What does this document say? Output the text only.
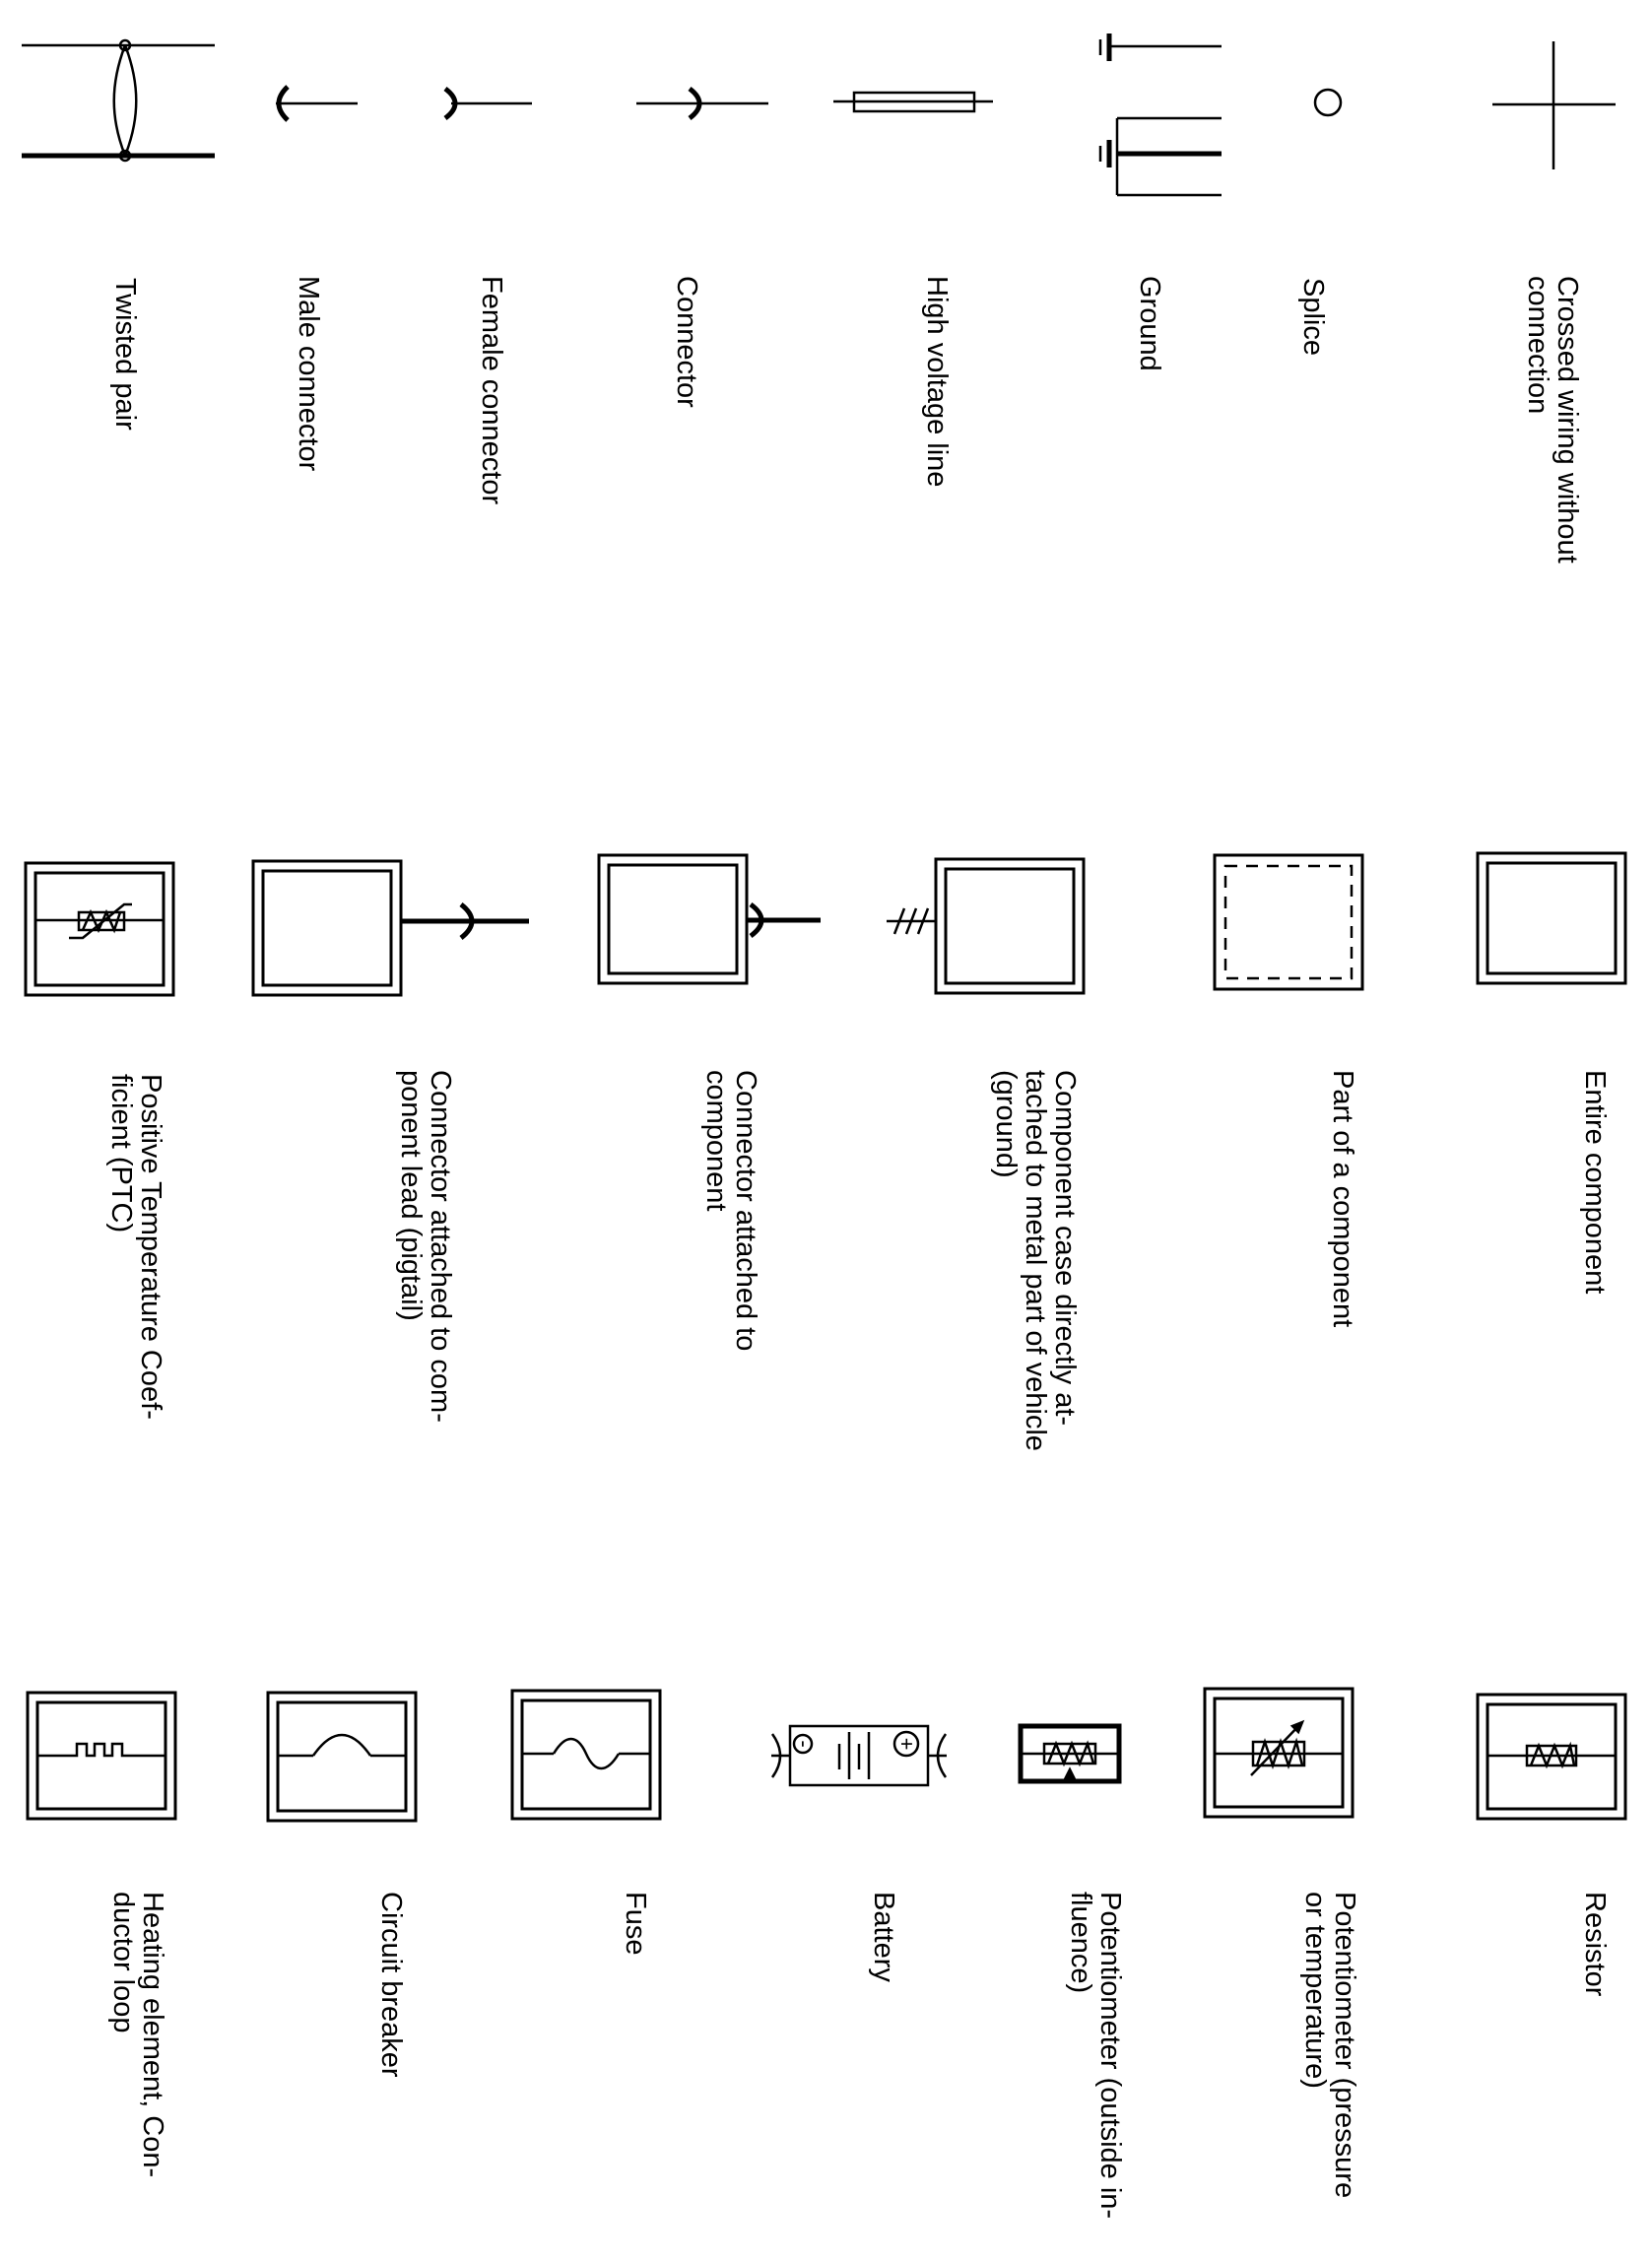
Twisted pair	Male connector	Female connector	Connector	High voltage line	Ground	Splice	Crossed wiring without
connection
Positive Temperature Coef-
ficient (PTC)	Connector attached to com-
ponent lead (pigtail)
Connector attached to
component	Component case directly at-
tached to metal part of vehicle
(ground)	Part of a component	Entire component
Heating element, Con-
ductor loop	Circuit breaker	Fuse	Battery	Potentiometer (outside in-
fluence)	Potentiometer (pressure
or temperature)	Resistor
-	+
